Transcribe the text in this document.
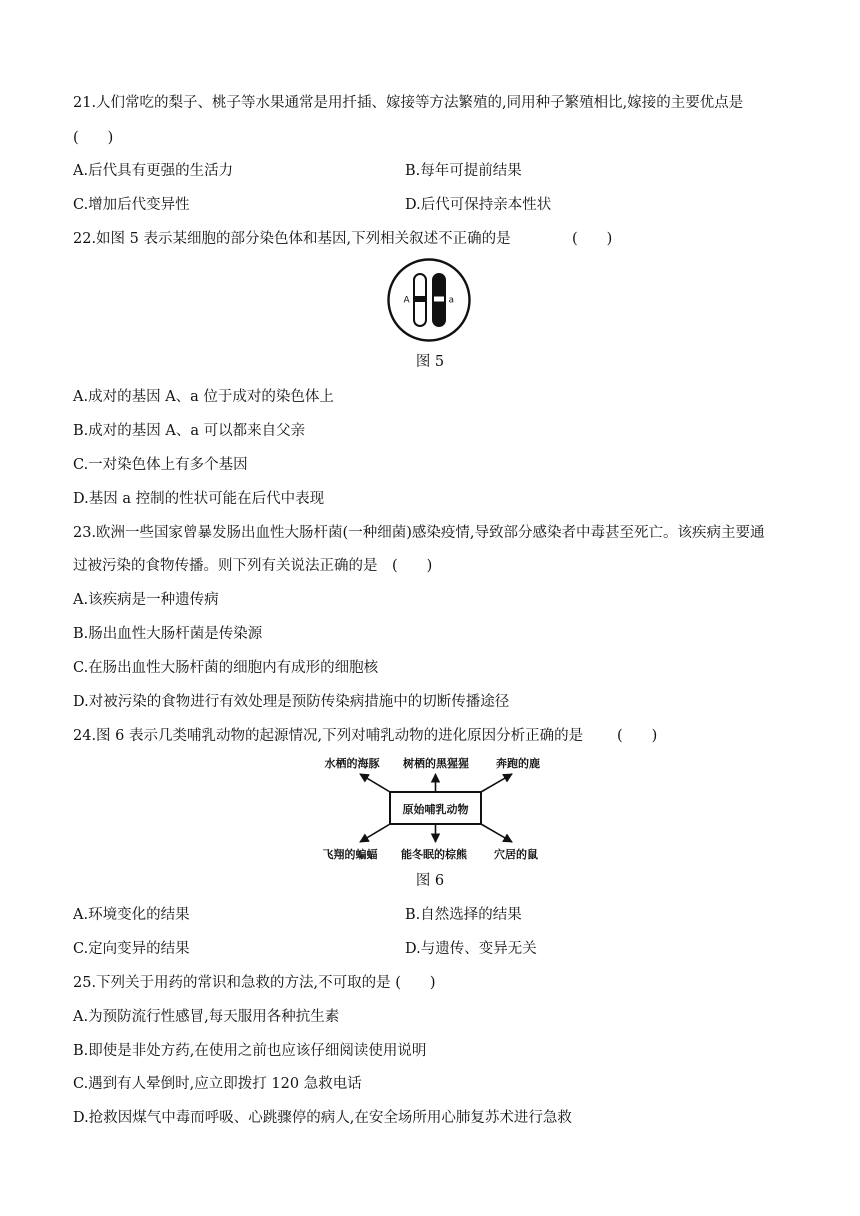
21.人们常吃的梨子、桃子等水果通常是用扦插、嫁接等方法繁殖的,同用种子繁殖相比,嫁接的主要优点是
(　　)
A.后代具有更强的生活力	B.每年可提前结果
C.增加后代变异性	D.后代可保持亲本性状
22.如图 5 表示某细胞的部分染色体和基因,下列相关叙述不正确的是	(　　)
A	a
图 5
A.成对的基因 A、a 位于成对的染色体上
B.成对的基因 A、a 可以都来自父亲
C.一对染色体上有多个基因
D.基因 a 控制的性状可能在后代中表现
23.欧洲一些国家曾暴发肠出血性大肠杆菌(一种细菌)感染疫情,导致部分感染者中毒甚至死亡。该疾病主要通
过被污染的食物传播。则下列有关说法正确的是　(　　)
A.该疾病是一种遗传病
B.肠出血性大肠杆菌是传染源
C.在肠出血性大肠杆菌的细胞内有成形的细胞核
D.对被污染的食物进行有效处理是预防传染病措施中的切断传播途径
24.图 6 表示几类哺乳动物的起源情况,下列对哺乳动物的进化原因分析正确的是 (　　)
水栖的海豚 树栖的黑猩猩 奔跑的鹿
原始哺乳动物
飞翔的蝙蝠 能冬眠的棕熊 穴居的鼠
图 6
A.环境变化的结果	B.自然选择的结果
C.定向变异的结果	D.与遗传、变异无关
25.下列关于用药的常识和急救的方法,不可取的是 (　　)
A.为预防流行性感冒,每天服用各种抗生素
B.即使是非处方药,在使用之前也应该仔细阅读使用说明
C.遇到有人晕倒时,应立即拨打 120 急救电话
D.抢救因煤气中毒而呼吸、心跳骤停的病人,在安全场所用心肺复苏术进行急救
